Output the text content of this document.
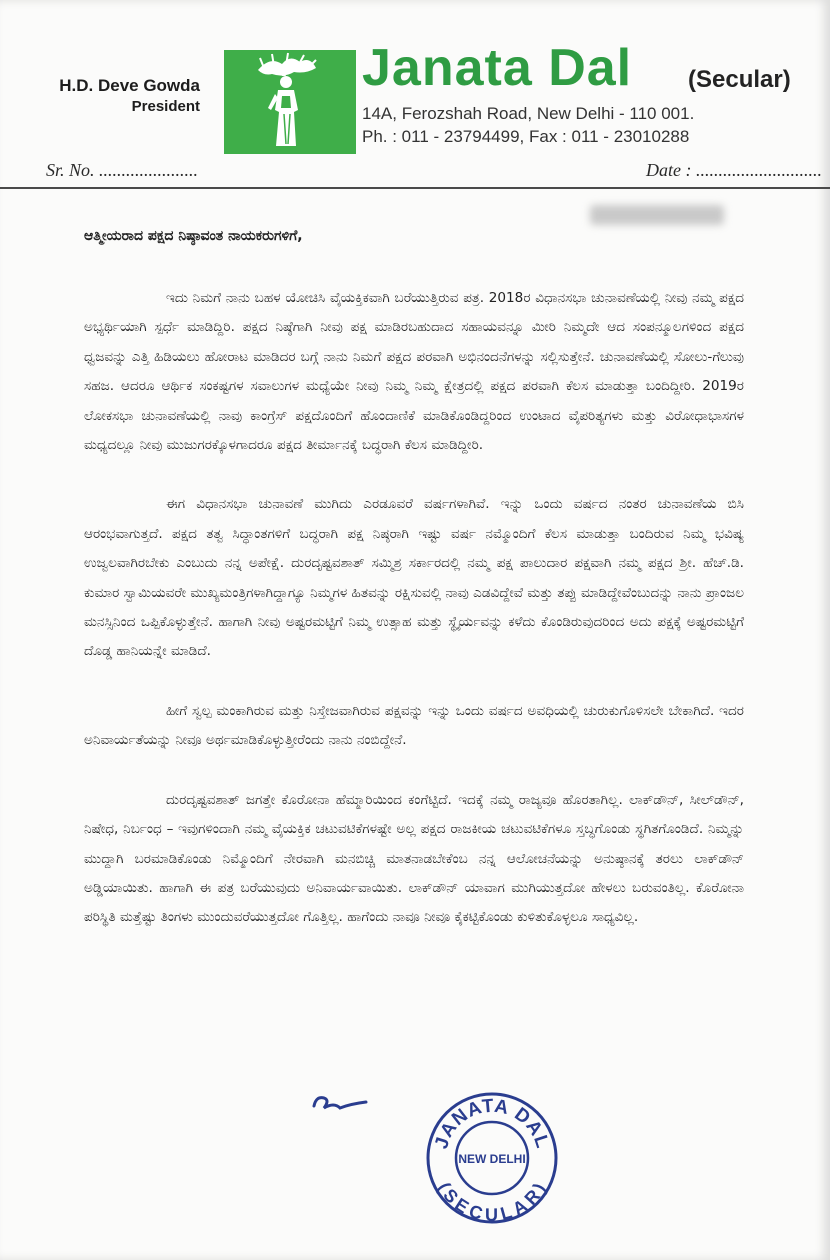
H.D. Deve Gowda
President
Janata Dal (Secular)
14A, Ferozshah Road, New Delhi - 110 001.
Ph. : 011 - 23794499, Fax : 011 - 23010288
Sr. No. ......................	Date : ............................
ಆತ್ಮೀಯರಾದ ಪಕ್ಷದ ನಿಷ್ಠಾವಂತ ನಾಯಕರುಗಳಿಗೆ,

ಇದು ನಿಮಗೆ ನಾನು ಬಹಳ ಯೋಚಿಸಿ ವೈಯಕ್ತಿಕವಾಗಿ ಬರೆಯುತ್ತಿರುವ ಪತ್ರ. 2018ರ ವಿಧಾನಸಭಾ ಚುನಾವಣೆಯಲ್ಲಿ ನೀವು ನಮ್ಮ ಪಕ್ಷದ ಅಭ್ಯರ್ಥಿಯಾಗಿ ಸ್ಪರ್ಧೆ ಮಾಡಿದ್ದಿರಿ. ಪಕ್ಷದ ನಿಷ್ಠೆಗಾಗಿ ನೀವು ಪಕ್ಷ ಮಾಡಿರಬಹುದಾದ ಸಹಾಯವನ್ನೂ ಮೀರಿ ನಿಮ್ಮದೇ ಆದ ಸಂಪನ್ಮೂಲಗಳಿಂದ ಪಕ್ಷದ ಧ್ವಜವನ್ನು ಎತ್ತಿ ಹಿಡಿಯಲು ಹೋರಾಟ ಮಾಡಿದರ ಬಗ್ಗೆ ನಾನು ನಿಮಗೆ ಪಕ್ಷದ ಪರವಾಗಿ ಅಭಿನಂದನೆಗಳನ್ನು ಸಲ್ಲಿಸುತ್ತೇನೆ. ಚುನಾವಣೆಯಲ್ಲಿ ಸೋಲು-ಗೆಲುವು ಸಹಜ. ಆದರೂ ಆರ್ಥಿಕ ಸಂಕಷ್ಟಗಳ ಸವಾಲುಗಳ ಮಧ್ಯೆಯೇ ನೀವು ನಿಮ್ಮ ನಿಮ್ಮ ಕ್ಷೇತ್ರದಲ್ಲಿ ಪಕ್ಷದ ಪರವಾಗಿ ಕೆಲಸ ಮಾಡುತ್ತಾ ಬಂದಿದ್ದೀರಿ. 2019ರ ಲೋಕಸಭಾ ಚುನಾವಣೆಯಲ್ಲಿ ನಾವು ಕಾಂಗ್ರೆಸ್ ಪಕ್ಷದೊಂದಿಗೆ ಹೊಂದಾಣಿಕೆ ಮಾಡಿಕೊಂಡಿದ್ದರಿಂದ ಉಂಟಾದ ವೈಪರಿತ್ಯಗಳು ಮತ್ತು ವಿರೋಧಾಭಾಸಗಳ ಮಧ್ಯದಲ್ಲೂ ನೀವು ಮುಜುಗರಕ್ಕೊಳಗಾದರೂ ಪಕ್ಷದ ತೀರ್ಮಾನಕ್ಕೆ ಬದ್ಧರಾಗಿ ಕೆಲಸ ಮಾಡಿದ್ದೀರಿ.

ಈಗ ವಿಧಾನಸಭಾ ಚುನಾವಣೆ ಮುಗಿದು ಎರಡೂವರೆ ವರ್ಷಗಳಾಗಿವೆ. ಇನ್ನು ಒಂದು ವರ್ಷದ ನಂತರ ಚುನಾವಣೆಯ ಬಿಸಿ ಆರಂಭವಾಗುತ್ತದೆ. ಪಕ್ಷದ ತತ್ವ ಸಿದ್ಧಾಂತಗಳಿಗೆ ಬದ್ಧರಾಗಿ ಪಕ್ಷ ನಿಷ್ಠರಾಗಿ ಇಷ್ಟು ವರ್ಷ ನಮ್ಮೊಂದಿಗೆ ಕೆಲಸ ಮಾಡುತ್ತಾ ಬಂದಿರುವ ನಿಮ್ಮ ಭವಿಷ್ಯ ಉಜ್ವಲವಾಗಿರಬೇಕು ಎಂಬುದು ನನ್ನ ಅಪೇಕ್ಷೆ. ದುರದೃಷ್ಟವಶಾತ್ ಸಮ್ಮಿಶ್ರ ಸರ್ಕಾರದಲ್ಲಿ ನಮ್ಮ ಪಕ್ಷ ಪಾಲುದಾರ ಪಕ್ಷವಾಗಿ ನಮ್ಮ ಪಕ್ಷದ ಶ್ರೀ. ಹೆಚ್.ಡಿ. ಕುಮಾರ ಸ್ವಾಮಿಯವರೇ ಮುಖ್ಯಮಂತ್ರಿಗಳಾಗಿದ್ದಾಗ್ಯೂ ನಿಮ್ಮಗಳ ಹಿತವನ್ನು ರಕ್ಷಿಸುವಲ್ಲಿ ನಾವು ಎಡವಿದ್ದೇವೆ ಮತ್ತು ತಪ್ಪು ಮಾಡಿದ್ದೇವೆಂಬುದನ್ನು ನಾನು ಪ್ರಾಂಜಲ ಮನಸ್ಸಿನಿಂದ ಒಪ್ಪಿಕೊಳ್ಳುತ್ತೇನೆ. ಹಾಗಾಗಿ ನೀವು ಅಷ್ಟರಮಟ್ಟಿಗೆ ನಿಮ್ಮ ಉತ್ಸಾಹ ಮತ್ತು ಸ್ಥೈರ್ಯವನ್ನು ಕಳೆದು ಕೊಂಡಿರುವುದರಿಂದ ಅದು ಪಕ್ಷಕ್ಕೆ ಅಷ್ಟರಮಟ್ಟಿಗೆ ದೊಡ್ಡ ಹಾನಿಯನ್ನೇ ಮಾಡಿದೆ.

ಹೀಗೆ ಸ್ವಲ್ಪ ಮಂಕಾಗಿರುವ ಮತ್ತು ನಿಸ್ತೇಜವಾಗಿರುವ ಪಕ್ಷವನ್ನು ಇನ್ನು ಒಂದು ವರ್ಷದ ಅವಧಿಯಲ್ಲಿ ಚುರುಕುಗೊಳಿಸಲೇ ಬೇಕಾಗಿದೆ. ಇದರ ಅನಿವಾರ್ಯತೆಯನ್ನು ನೀವೂ ಅರ್ಥಮಾಡಿಕೊಳ್ಳುತ್ತೀರೆಂದು ನಾನು ನಂಬಿದ್ದೇನೆ.

ದುರದೃಷ್ಟವಶಾತ್ ಜಗತ್ತೇ ಕೊರೋನಾ ಹೆಮ್ಮಾರಿಯಿಂದ ಕಂಗೆಟ್ಟಿದೆ. ಇದಕ್ಕೆ ನಮ್ಮ ರಾಜ್ಯವೂ ಹೊರತಾಗಿಲ್ಲ. ಲಾಕ್‌ಡೌನ್, ಸೀಲ್‌ಡೌನ್, ನಿಷೇಧ, ನಿರ್ಬಂಧ – ಇವುಗಳಿಂದಾಗಿ ನಮ್ಮ ವೈಯಕ್ತಿಕ ಚಟುವಟಿಕೆಗಳಷ್ಟೇ ಅಲ್ಲ ಪಕ್ಷದ ರಾಜಕೀಯ ಚಟುವಟಿಕೆಗಳೂ ಸ್ತಬ್ಧಗೊಂಡು ಸ್ಥಗಿತಗೊಂಡಿದೆ. ನಿಮ್ಮನ್ನು ಮುದ್ದಾಗಿ ಬರಮಾಡಿಕೊಂಡು ನಿಮ್ಮೊಂದಿಗೆ ನೇರವಾಗಿ ಮನಬಿಚ್ಚಿ ಮಾತನಾಡಬೇಕೆಂಬ ನನ್ನ ಆಲೋಚನೆಯನ್ನು ಅನುಷ್ಠಾನಕ್ಕೆ ತರಲು ಲಾಕ್‌ಡೌನ್ ಅಡ್ಡಿಯಾಯಿತು. ಹಾಗಾಗಿ ಈ ಪತ್ರ ಬರೆಯುವುದು ಅನಿವಾರ್ಯವಾಯಿತು. ಲಾಕ್‌ಡೌನ್ ಯಾವಾಗ ಮುಗಿಯುತ್ತದೋ ಹೇಳಲು ಬರುವಂತಿಲ್ಲ. ಕೊರೋನಾ ಪರಿಸ್ಥಿತಿ ಮತ್ತೆಷ್ಟು ತಿಂಗಳು ಮುಂದುವರೆಯುತ್ತದೋ ಗೊತ್ತಿಲ್ಲ. ಹಾಗೆಂದು ನಾವೂ ನೀವೂ ಕೈಕಟ್ಟಿಕೊಂಡು ಕುಳಿತುಕೊಳ್ಳಲೂ ಸಾಧ್ಯವಿಲ್ಲ.

JANATA DAL
NEW DELHI
(SECULAR)
